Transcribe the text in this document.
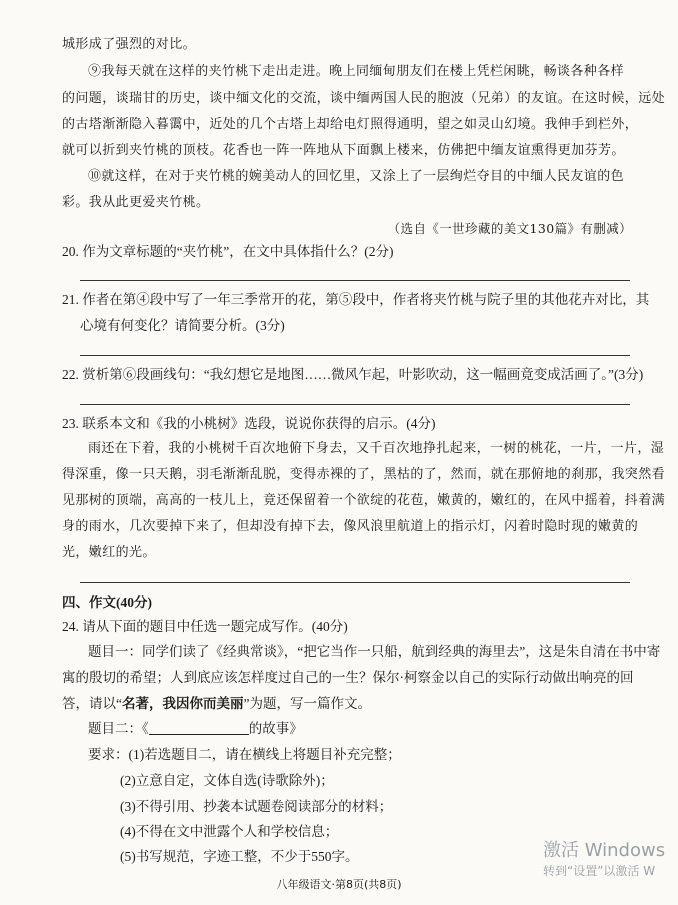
城形成了强烈的对比。
⑨我每天就在这样的夹竹桃下走出走进。晚上同缅甸朋友们在楼上凭栏闲眺，畅谈各种各样
的问题，谈瑞甘的历史，谈中缅文化的交流，谈中缅两国人民的胞波（兄弟）的友谊。在这时候，远处
的古塔渐渐隐入暮霭中，近处的几个古塔上却给电灯照得通明，望之如灵山幻境。我伸手到栏外，
就可以折到夹竹桃的顶枝。花香也一阵一阵地从下面飘上楼来，仿佛把中缅友谊熏得更加芬芳。
⑩就这样，在对于夹竹桃的婉美动人的回忆里，又涂上了一层绚烂夺目的中缅人民友谊的色
彩。我从此更爱夹竹桃。
（选自《一世珍藏的美文130篇》有删减）
20. 作为文章标题的“夹竹桃”，在文中具体指什么？(2分)
21. 作者在第④段中写了一年三季常开的花，第⑤段中，作者将夹竹桃与院子里的其他花卉对比，其
心境有何变化？请简要分析。(3分)
22. 赏析第⑥段画线句：“我幻想它是地图……微风乍起，叶影吹动，这一幅画竟变成活画了。”(3分)
23. 联系本文和《我的小桃树》选段，说说你获得的启示。(4分)
雨还在下着，我的小桃树千百次地俯下身去，又千百次地挣扎起来，一树的桃花，一片，一片，湿
得深重，像一只天鹅，羽毛渐渐乱脱，变得赤裸的了，黑枯的了，然而，就在那俯地的刹那，我突然看
见那树的顶端，高高的一枝儿上，竟还保留着一个欲绽的花苞，嫩黄的，嫩红的，在风中摇着，抖着满
身的雨水，几次要掉下来了，但却没有掉下去，像风浪里航道上的指示灯，闪着时隐时现的嫩黄的
光，嫩红的光。
四、作文(40分)
24. 请从下面的题目中任选一题完成写作。(40分)
题目一：同学们读了《经典常谈》，“把它当作一只船，航到经典的海里去”，这是朱自清在书中寄
寓的殷切的希望；人到底应该怎样度过自己的一生？保尔·柯察金以自己的实际行动做出响亮的回
答，请以“名著，我因你而美丽”为题，写一篇作文。
题目二：《	的故事》
要求：(1)若选题目二，请在横线上将题目补充完整；
(2)立意自定，文体自选(诗歌除外)；
(3)不得引用、抄袭本试题卷阅读部分的材料；
(4)不得在文中泄露个人和学校信息；
(5)书写规范，字迹工整，不少于550字。
八年级语文·第8页(共8页)
激活 Windows
转到“设置”以激活 W
